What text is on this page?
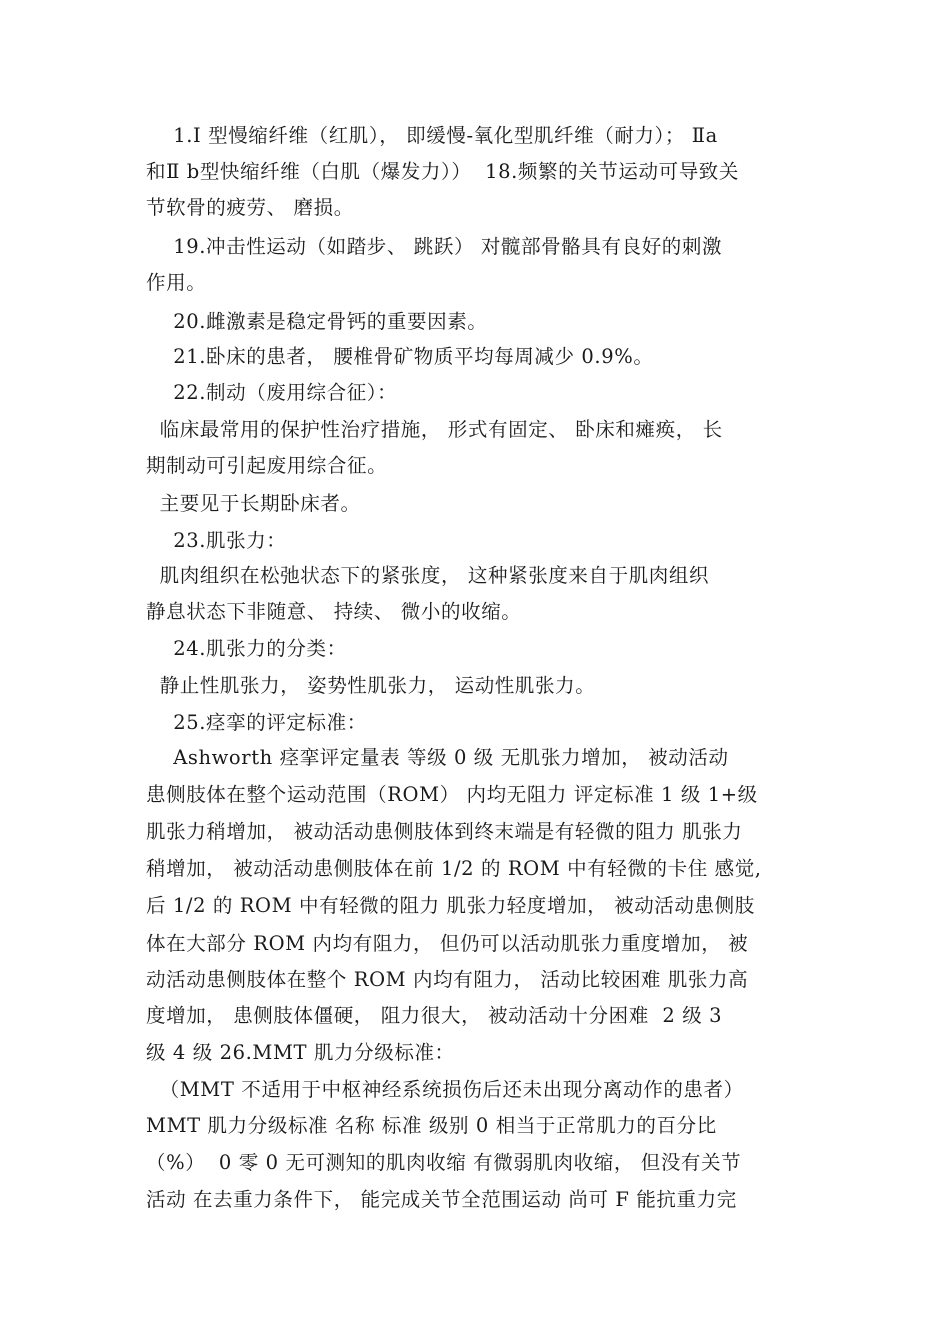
1.Ⅰ 型慢缩纤维（红肌）， 即缓慢-氧化型肌纤维（耐力）； Ⅱa

和Ⅱ b型快缩纤维（白肌（爆发力））  18.频繁的关节运动可导致关

节软骨的疲劳、 磨损。

19.冲击性运动（如踏步、 跳跃） 对髋部骨骼具有良好的刺激

作用。

20.雌激素是稳定骨钙的重要因素。

21.卧床的患者， 腰椎骨矿物质平均每周减少 0.9%。

22.制动（废用综合征）：

临床最常用的保护性治疗措施， 形式有固定、 卧床和瘫痪， 长

期制动可引起废用综合征。

主要见于长期卧床者。

23.肌张力：

肌肉组织在松弛状态下的紧张度， 这种紧张度来自于肌肉组织

静息状态下非随意、 持续、 微小的收缩。

24.肌张力的分类：

静止性肌张力， 姿势性肌张力， 运动性肌张力。

25.痉挛的评定标准：

Ashworth 痉挛评定量表 等级 0 级 无肌张力增加， 被动活动

患侧肢体在整个运动范围（ROM） 内均无阻力 评定标准 1 级 1+级

肌张力稍增加， 被动活动患侧肢体到终末端是有轻微的阻力 肌张力

稍增加， 被动活动患侧肢体在前 1/2 的 ROM 中有轻微的卡住 感觉,

后 1/2 的 ROM 中有轻微的阻力 肌张力轻度增加， 被动活动患侧肢

体在大部分 ROM 内均有阻力， 但仍可以活动肌张力重度增加， 被

动活动患侧肢体在整个 ROM 内均有阻力， 活动比较困难 肌张力高

度增加， 患侧肢体僵硬， 阻力很大， 被动活动十分困难  2 级 3

级 4 级 26.MMT 肌力分级标准：

（MMT 不适用于中枢神经系统损伤后还未出现分离动作的患者）

MMT 肌力分级标准 名称 标准 级别 0 相当于正常肌力的百分比

（%）  0 零 0 无可测知的肌肉收缩 有微弱肌肉收缩， 但没有关节

活动 在去重力条件下， 能完成关节全范围运动 尚可 F 能抗重力完
